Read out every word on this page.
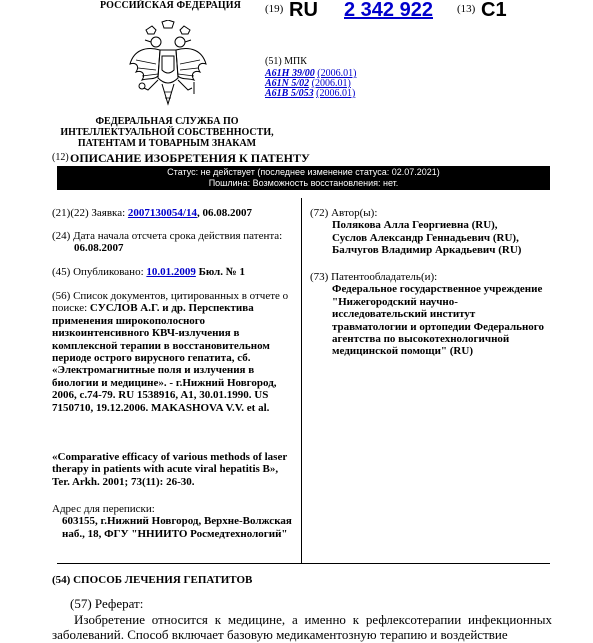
РОССИЙСКАЯ ФЕДЕРАЦИЯ
ФЕДЕРАЛЬНАЯ СЛУЖБА ПО ИНТЕЛЛЕКТУАЛЬНОЙ СОБСТВЕННОСТИ, ПАТЕНТАМ И ТОВАРНЫМ ЗНАКАМ
(19) RU 2 342 922 (13) C1
(51) МПК
A61H 39/00 (2006.01)
A61N 5/02 (2006.01)
A61B 5/053 (2006.01)
(12) ОПИСАНИЕ ИЗОБРЕТЕНИЯ К ПАТЕНТУ
Статус: не действует (последнее изменение статуса: 02.07.2021)
Пошлина: Возможность восстановления: нет.
(21)(22) Заявка: 2007130054/14, 06.08.2007
(24) Дата начала отсчета срока действия патента:
06.08.2007
(45) Опубликовано: 10.01.2009 Бюл. № 1
(56) Список документов, цитированных в отчете о поиске: СУСЛОВ А.Г. и др. Перспектива применения широкополосного низкоинтенсивного КВЧ-излучения в комплексной терапии в восстановительном периоде острого вирусного гепатита, сб. «Электромагнитные поля и излучения в биологии и медицине». - г.Нижний Новгород, 2006, с.74-79. RU 1538916, A1, 30.01.1990. US 7150710, 19.12.2006. MAKASHOVA V.V. et al.
«Comparative efficacy of various methods of laser therapy in patients with acute viral hepatitis B», Ter. Arkh. 2001; 73(11): 26-30.
Адрес для переписки:
603155, г.Нижний Новгород, Верхне-Волжская наб., 18, ФГУ "ННИИТО Росмедтехнологий"
(72) Автор(ы):
Полякова Алла Георгиевна (RU),
Суслов Александр Геннадьевич (RU),
Балчугов Владимир Аркадьевич (RU)
(73) Патентообладатель(и):
Федеральное государственное учреждение "Нижегородский научно-исследовательский институт травматологии и ортопедии Федерального агентства по высокотехнологичной медицинской помощи" (RU)
(54) СПОСОБ ЛЕЧЕНИЯ ГЕПАТИТОВ
(57) Реферат:
Изобретение относится к медицине, а именно к рефлексотерапии инфекционных заболеваний. Способ включает базовую медикаментозную терапию и воздействие
